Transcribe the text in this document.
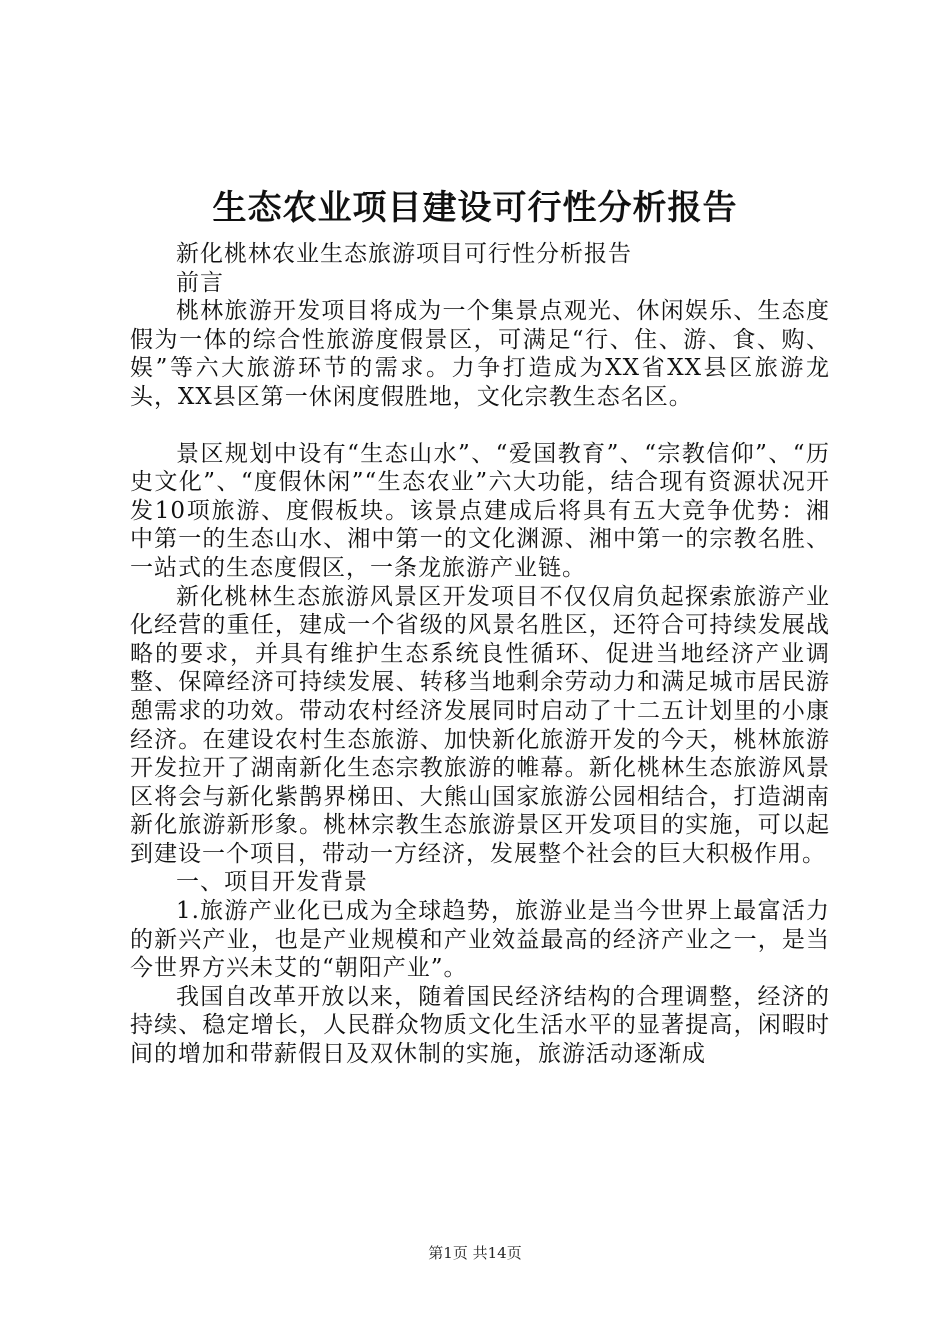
生态农业项目建设可行性分析报告

新化桃林农业生态旅游项目可行性分析报告

前言

桃林旅游开发项目将成为一个集景点观光、休闲娱乐、生态度假为一体的综合性旅游度假景区，可满足“行、住、游、食、购、娱”等六大旅游环节的需求。力争打造成为XX省XX县区旅游龙头，XX县区第一休闲度假胜地，文化宗教生态名区。

景区规划中设有“生态山水”、“爱国教育”、“宗教信仰”、“历史文化”、“度假休闲”“生态农业”六大功能，结合现有资源状况开发10项旅游、度假板块。该景点建成后将具有五大竞争优势：湘中第一的生态山水、湘中第一的文化渊源、湘中第一的宗教名胜、一站式的生态度假区，一条龙旅游产业链。

新化桃林生态旅游风景区开发项目不仅仅肩负起探索旅游产业化经营的重任，建成一个省级的风景名胜区，还符合可持续发展战略的要求，并具有维护生态系统良性循环、促进当地经济产业调整、保障经济可持续发展、转移当地剩余劳动力和满足城市居民游憩需求的功效。带动农村经济发展同时启动了十二五计划里的小康经济。在建设农村生态旅游、加快新化旅游开发的今天，桃林旅游开发拉开了湖南新化生态宗教旅游的帷幕。新化桃林生态旅游风景区将会与新化紫鹊界梯田、大熊山国家旅游公园相结合，打造湖南新化旅游新形象。桃林宗教生态旅游景区开发项目的实施，可以起到建设一个项目，带动一方经济，发展整个社会的巨大积极作用。

一、项目开发背景

1.旅游产业化已成为全球趋势，旅游业是当今世界上最富活力的新兴产业，也是产业规模和产业效益最高的经济产业之一，是当今世界方兴未艾的“朝阳产业”。

我国自改革开放以来，随着国民经济结构的合理调整，经济的持续、稳定增长，人民群众物质文化生活水平的显著提高，闲暇时间的增加和带薪假日及双休制的实施，旅游活动逐渐成

第1页 共14页
